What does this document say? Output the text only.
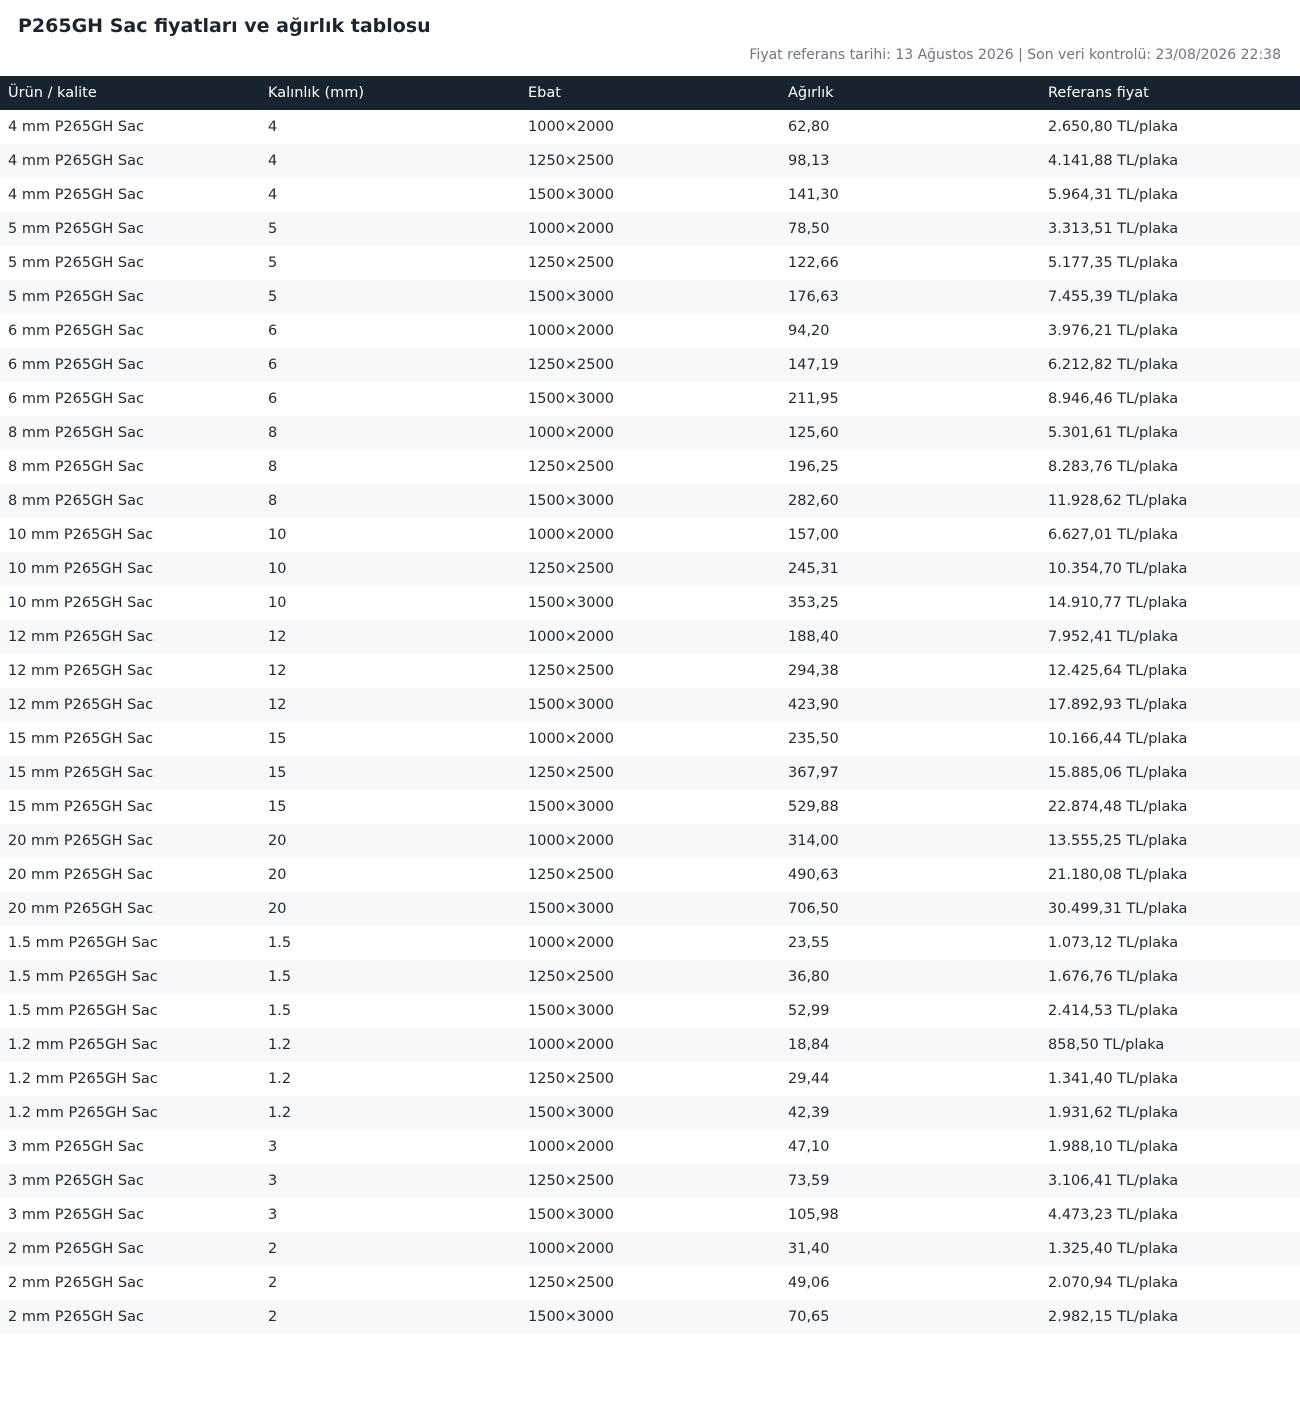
P265GH Sac fiyatları ve ağırlık tablosu
Fiyat referans tarihi: 13 Ağustos 2026 | Son veri kontrolü: 23/08/2026 22:38
Ürün / kalite	Kalınlık (mm)	Ebat	Ağırlık	Referans fiyat
4 mm P265GH Sac	4	1000×2000	62,80	2.650,80 TL/plaka
4 mm P265GH Sac	4	1250×2500	98,13	4.141,88 TL/plaka
4 mm P265GH Sac	4	1500×3000	141,30	5.964,31 TL/plaka
5 mm P265GH Sac	5	1000×2000	78,50	3.313,51 TL/plaka
5 mm P265GH Sac	5	1250×2500	122,66	5.177,35 TL/plaka
5 mm P265GH Sac	5	1500×3000	176,63	7.455,39 TL/plaka
6 mm P265GH Sac	6	1000×2000	94,20	3.976,21 TL/plaka
6 mm P265GH Sac	6	1250×2500	147,19	6.212,82 TL/plaka
6 mm P265GH Sac	6	1500×3000	211,95	8.946,46 TL/plaka
8 mm P265GH Sac	8	1000×2000	125,60	5.301,61 TL/plaka
8 mm P265GH Sac	8	1250×2500	196,25	8.283,76 TL/plaka
8 mm P265GH Sac	8	1500×3000	282,60	11.928,62 TL/plaka
10 mm P265GH Sac	10	1000×2000	157,00	6.627,01 TL/plaka
10 mm P265GH Sac	10	1250×2500	245,31	10.354,70 TL/plaka
10 mm P265GH Sac	10	1500×3000	353,25	14.910,77 TL/plaka
12 mm P265GH Sac	12	1000×2000	188,40	7.952,41 TL/plaka
12 mm P265GH Sac	12	1250×2500	294,38	12.425,64 TL/plaka
12 mm P265GH Sac	12	1500×3000	423,90	17.892,93 TL/plaka
15 mm P265GH Sac	15	1000×2000	235,50	10.166,44 TL/plaka
15 mm P265GH Sac	15	1250×2500	367,97	15.885,06 TL/plaka
15 mm P265GH Sac	15	1500×3000	529,88	22.874,48 TL/plaka
20 mm P265GH Sac	20	1000×2000	314,00	13.555,25 TL/plaka
20 mm P265GH Sac	20	1250×2500	490,63	21.180,08 TL/plaka
20 mm P265GH Sac	20	1500×3000	706,50	30.499,31 TL/plaka
1.5 mm P265GH Sac	1.5	1000×2000	23,55	1.073,12 TL/plaka
1.5 mm P265GH Sac	1.5	1250×2500	36,80	1.676,76 TL/plaka
1.5 mm P265GH Sac	1.5	1500×3000	52,99	2.414,53 TL/plaka
1.2 mm P265GH Sac	1.2	1000×2000	18,84	858,50 TL/plaka
1.2 mm P265GH Sac	1.2	1250×2500	29,44	1.341,40 TL/plaka
1.2 mm P265GH Sac	1.2	1500×3000	42,39	1.931,62 TL/plaka
3 mm P265GH Sac	3	1000×2000	47,10	1.988,10 TL/plaka
3 mm P265GH Sac	3	1250×2500	73,59	3.106,41 TL/plaka
3 mm P265GH Sac	3	1500×3000	105,98	4.473,23 TL/plaka
2 mm P265GH Sac	2	1000×2000	31,40	1.325,40 TL/plaka
2 mm P265GH Sac	2	1250×2500	49,06	2.070,94 TL/plaka
2 mm P265GH Sac	2	1500×3000	70,65	2.982,15 TL/plaka
